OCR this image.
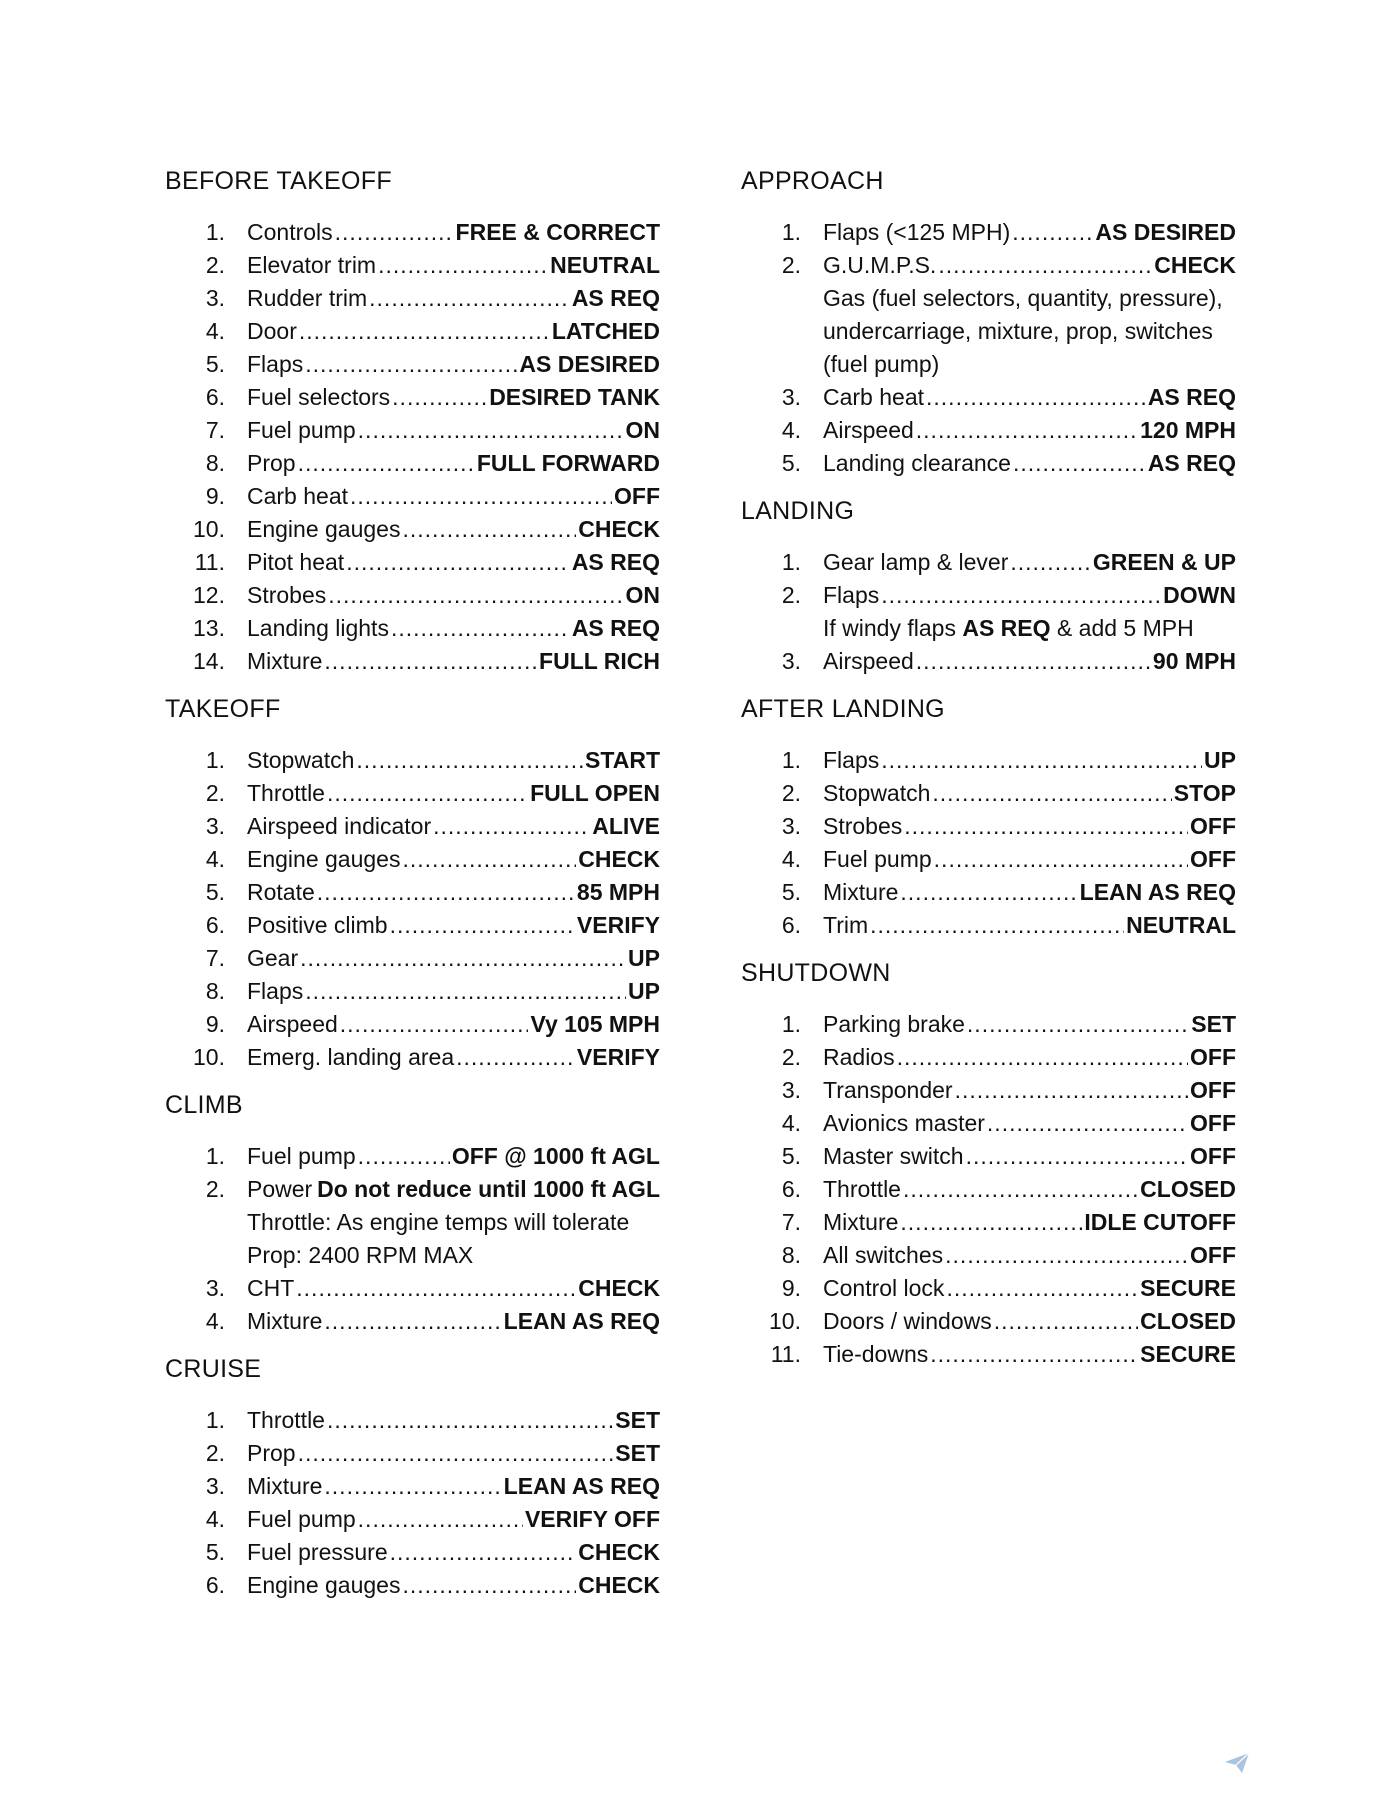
BEFORE TAKEOFF
1. Controls .....	FREE & CORRECT
2. Elevator trim .....	NEUTRAL
3. Rudder trim .....	AS REQ
4. Door .....	LATCHED
5. Flaps .....	AS DESIRED
6. Fuel selectors .....	DESIRED TANK
7. Fuel pump .....	ON
8. Prop .....	FULL FORWARD
9. Carb heat .....	OFF
10. Engine gauges .....	CHECK
11. Pitot heat .....	AS REQ
12. Strobes .....	ON
13. Landing lights .....	AS REQ
14. Mixture .....	FULL RICH
TAKEOFF
1. Stopwatch .....	START
2. Throttle .....	FULL OPEN
3. Airspeed indicator .....	ALIVE
4. Engine gauges .....	CHECK
5. Rotate .....	85 MPH
6. Positive climb .....	VERIFY
7. Gear .....	UP
8. Flaps .....	UP
9. Airspeed .....	Vy 105 MPH
10. Emerg. landing area .....	VERIFY
CLIMB
1. Fuel pump .....	OFF @ 1000 ft AGL
2. Power Do not reduce until 1000 ft AGL
Throttle: As engine temps will tolerate
Prop: 2400 RPM MAX
3. CHT .....	CHECK
4. Mixture .....	LEAN AS REQ
CRUISE
1. Throttle .....	SET
2. Prop .....	SET
3. Mixture .....	LEAN AS REQ
4. Fuel pump .....	VERIFY OFF
5. Fuel pressure .....	CHECK
6. Engine gauges .....	CHECK
APPROACH
1. Flaps (<125 MPH) .....	AS DESIRED
2. G.U.M.P.S. .....	CHECK
Gas (fuel selectors, quantity, pressure),
undercarriage, mixture, prop, switches
(fuel pump)
3. Carb heat .....	AS REQ
4. Airspeed .....	120 MPH
5. Landing clearance .....	AS REQ
LANDING
1. Gear lamp & lever .....	GREEN & UP
2. Flaps .....	DOWN
If windy flaps AS REQ & add 5 MPH
3. Airspeed .....	90 MPH
AFTER LANDING
1. Flaps .....	UP
2. Stopwatch .....	STOP
3. Strobes .....	OFF
4. Fuel pump .....	OFF
5. Mixture .....	LEAN AS REQ
6. Trim .....	NEUTRAL
SHUTDOWN
1. Parking brake .....	SET
2. Radios .....	OFF
3. Transponder .....	OFF
4. Avionics master .....	OFF
5. Master switch .....	OFF
6. Throttle .....	CLOSED
7. Mixture .....	IDLE CUTOFF
8. All switches .....	OFF
9. Control lock .....	SECURE
10. Doors / windows .....	CLOSED
11. Tie-downs .....	SECURE
